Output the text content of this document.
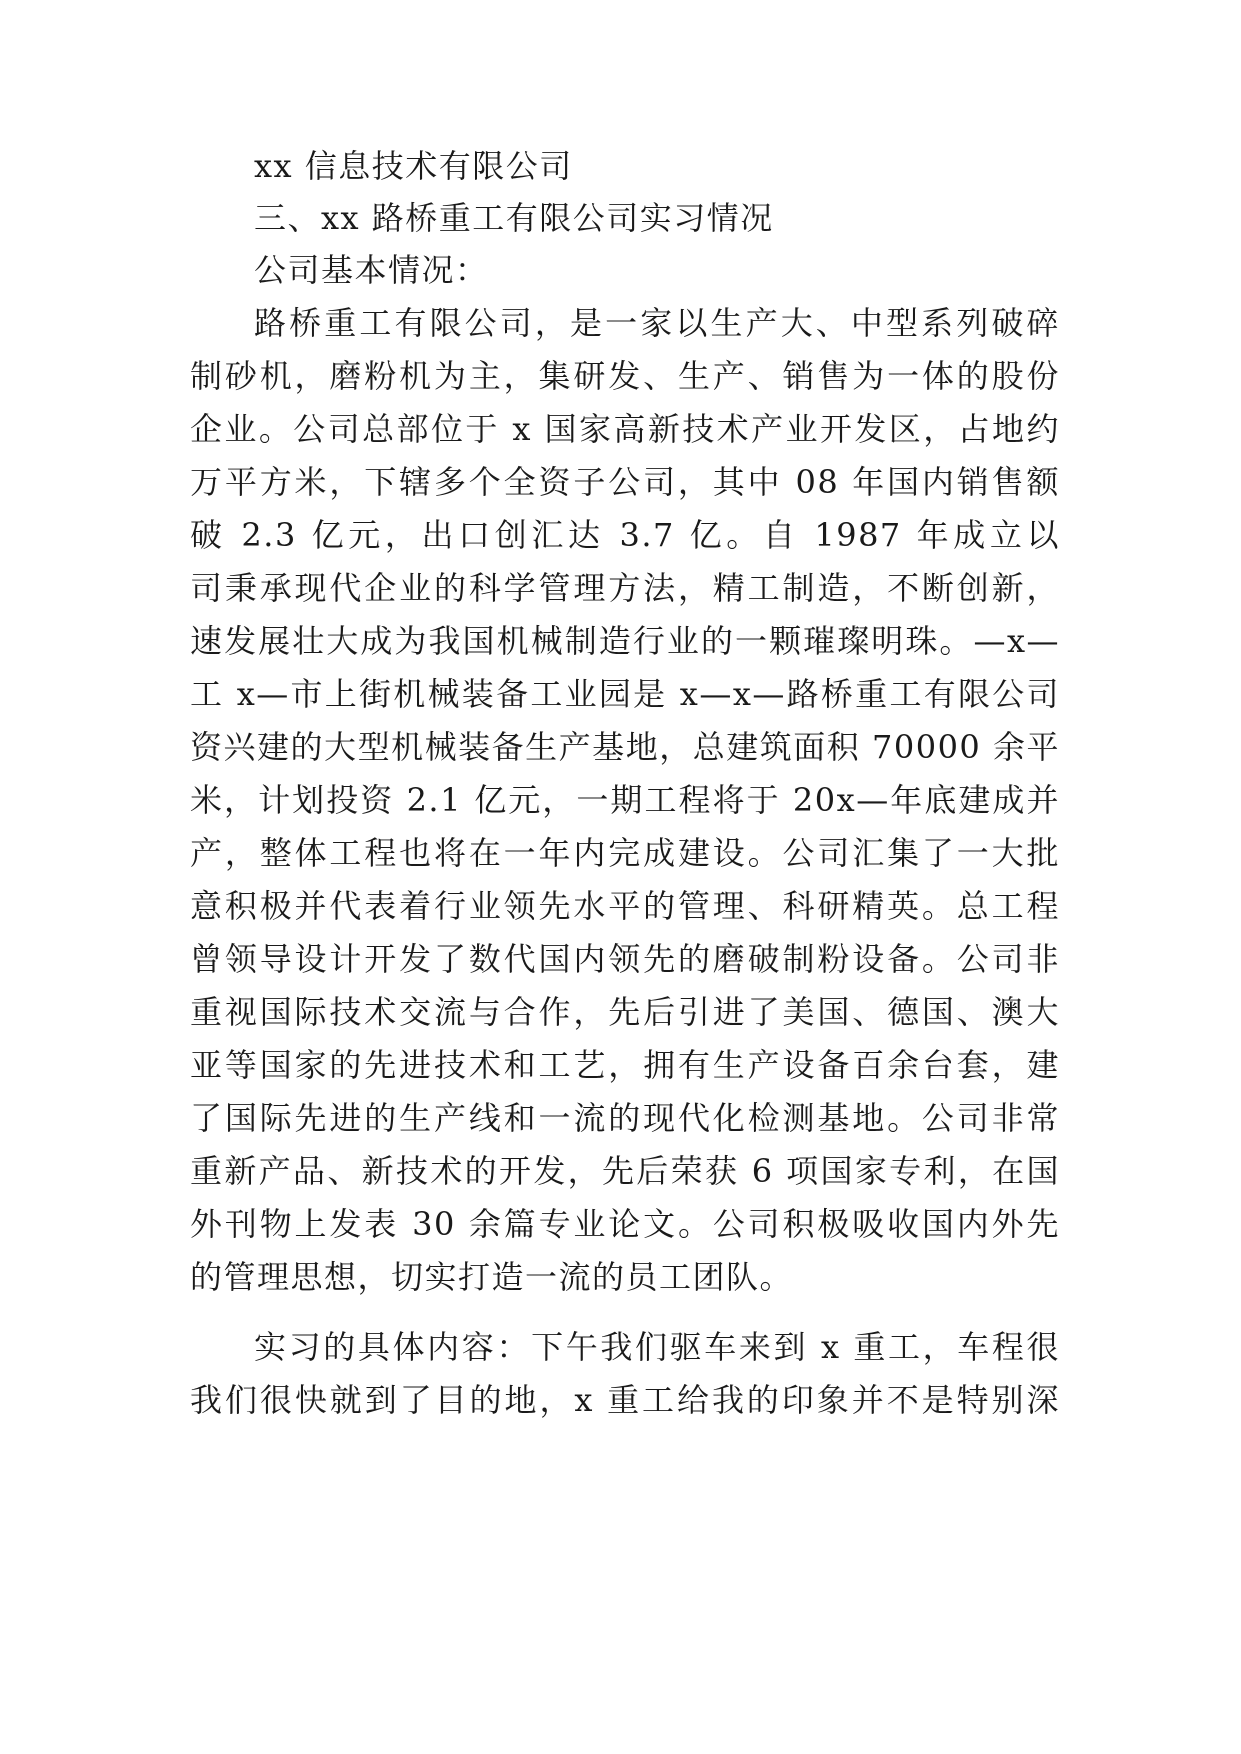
xx 信息技术有限公司
三、xx 路桥重工有限公司实习情况
公司基本情况：
路桥重工有限公司，是一家以生产大、中型系列破碎
制砂机，磨粉机为主，集研发、生产、销售为一体的股份
企业。公司总部位于 x 国家高新技术产业开发区，占地约
万平方米，下辖多个全资子公司，其中 08 年国内销售额
破 2.3 亿元，出口创汇达 3.7 亿。自 1987 年成立以
司秉承现代企业的科学管理方法，精工制造，不断创新，
速发展壮大成为我国机械制造行业的一颗璀璨明珠。—x—
工 x—市上街机械装备工业园是 x—x—路桥重工有限公司
资兴建的大型机械装备生产基地，总建筑面积 70000 余平
米，计划投资 2.1 亿元，一期工程将于 20x—年底建成并
产，整体工程也将在一年内完成建设。公司汇集了一大批
意积极并代表着行业领先水平的管理、科研精英。总工程
曾领导设计开发了数代国内领先的磨破制粉设备。公司非
重视国际技术交流与合作，先后引进了美国、德国、澳大
亚等国家的先进技术和工艺，拥有生产设备百余台套，建
了国际先进的生产线和一流的现代化检测基地。公司非常
重新产品、新技术的开发，先后荣获 6 项国家专利，在国
外刊物上发表 30 余篇专业论文。公司积极吸收国内外先
的管理思想，切实打造一流的员工团队。
实习的具体内容：下午我们驱车来到 x 重工，车程很
我们很快就到了目的地，x 重工给我的印象并不是特别深
